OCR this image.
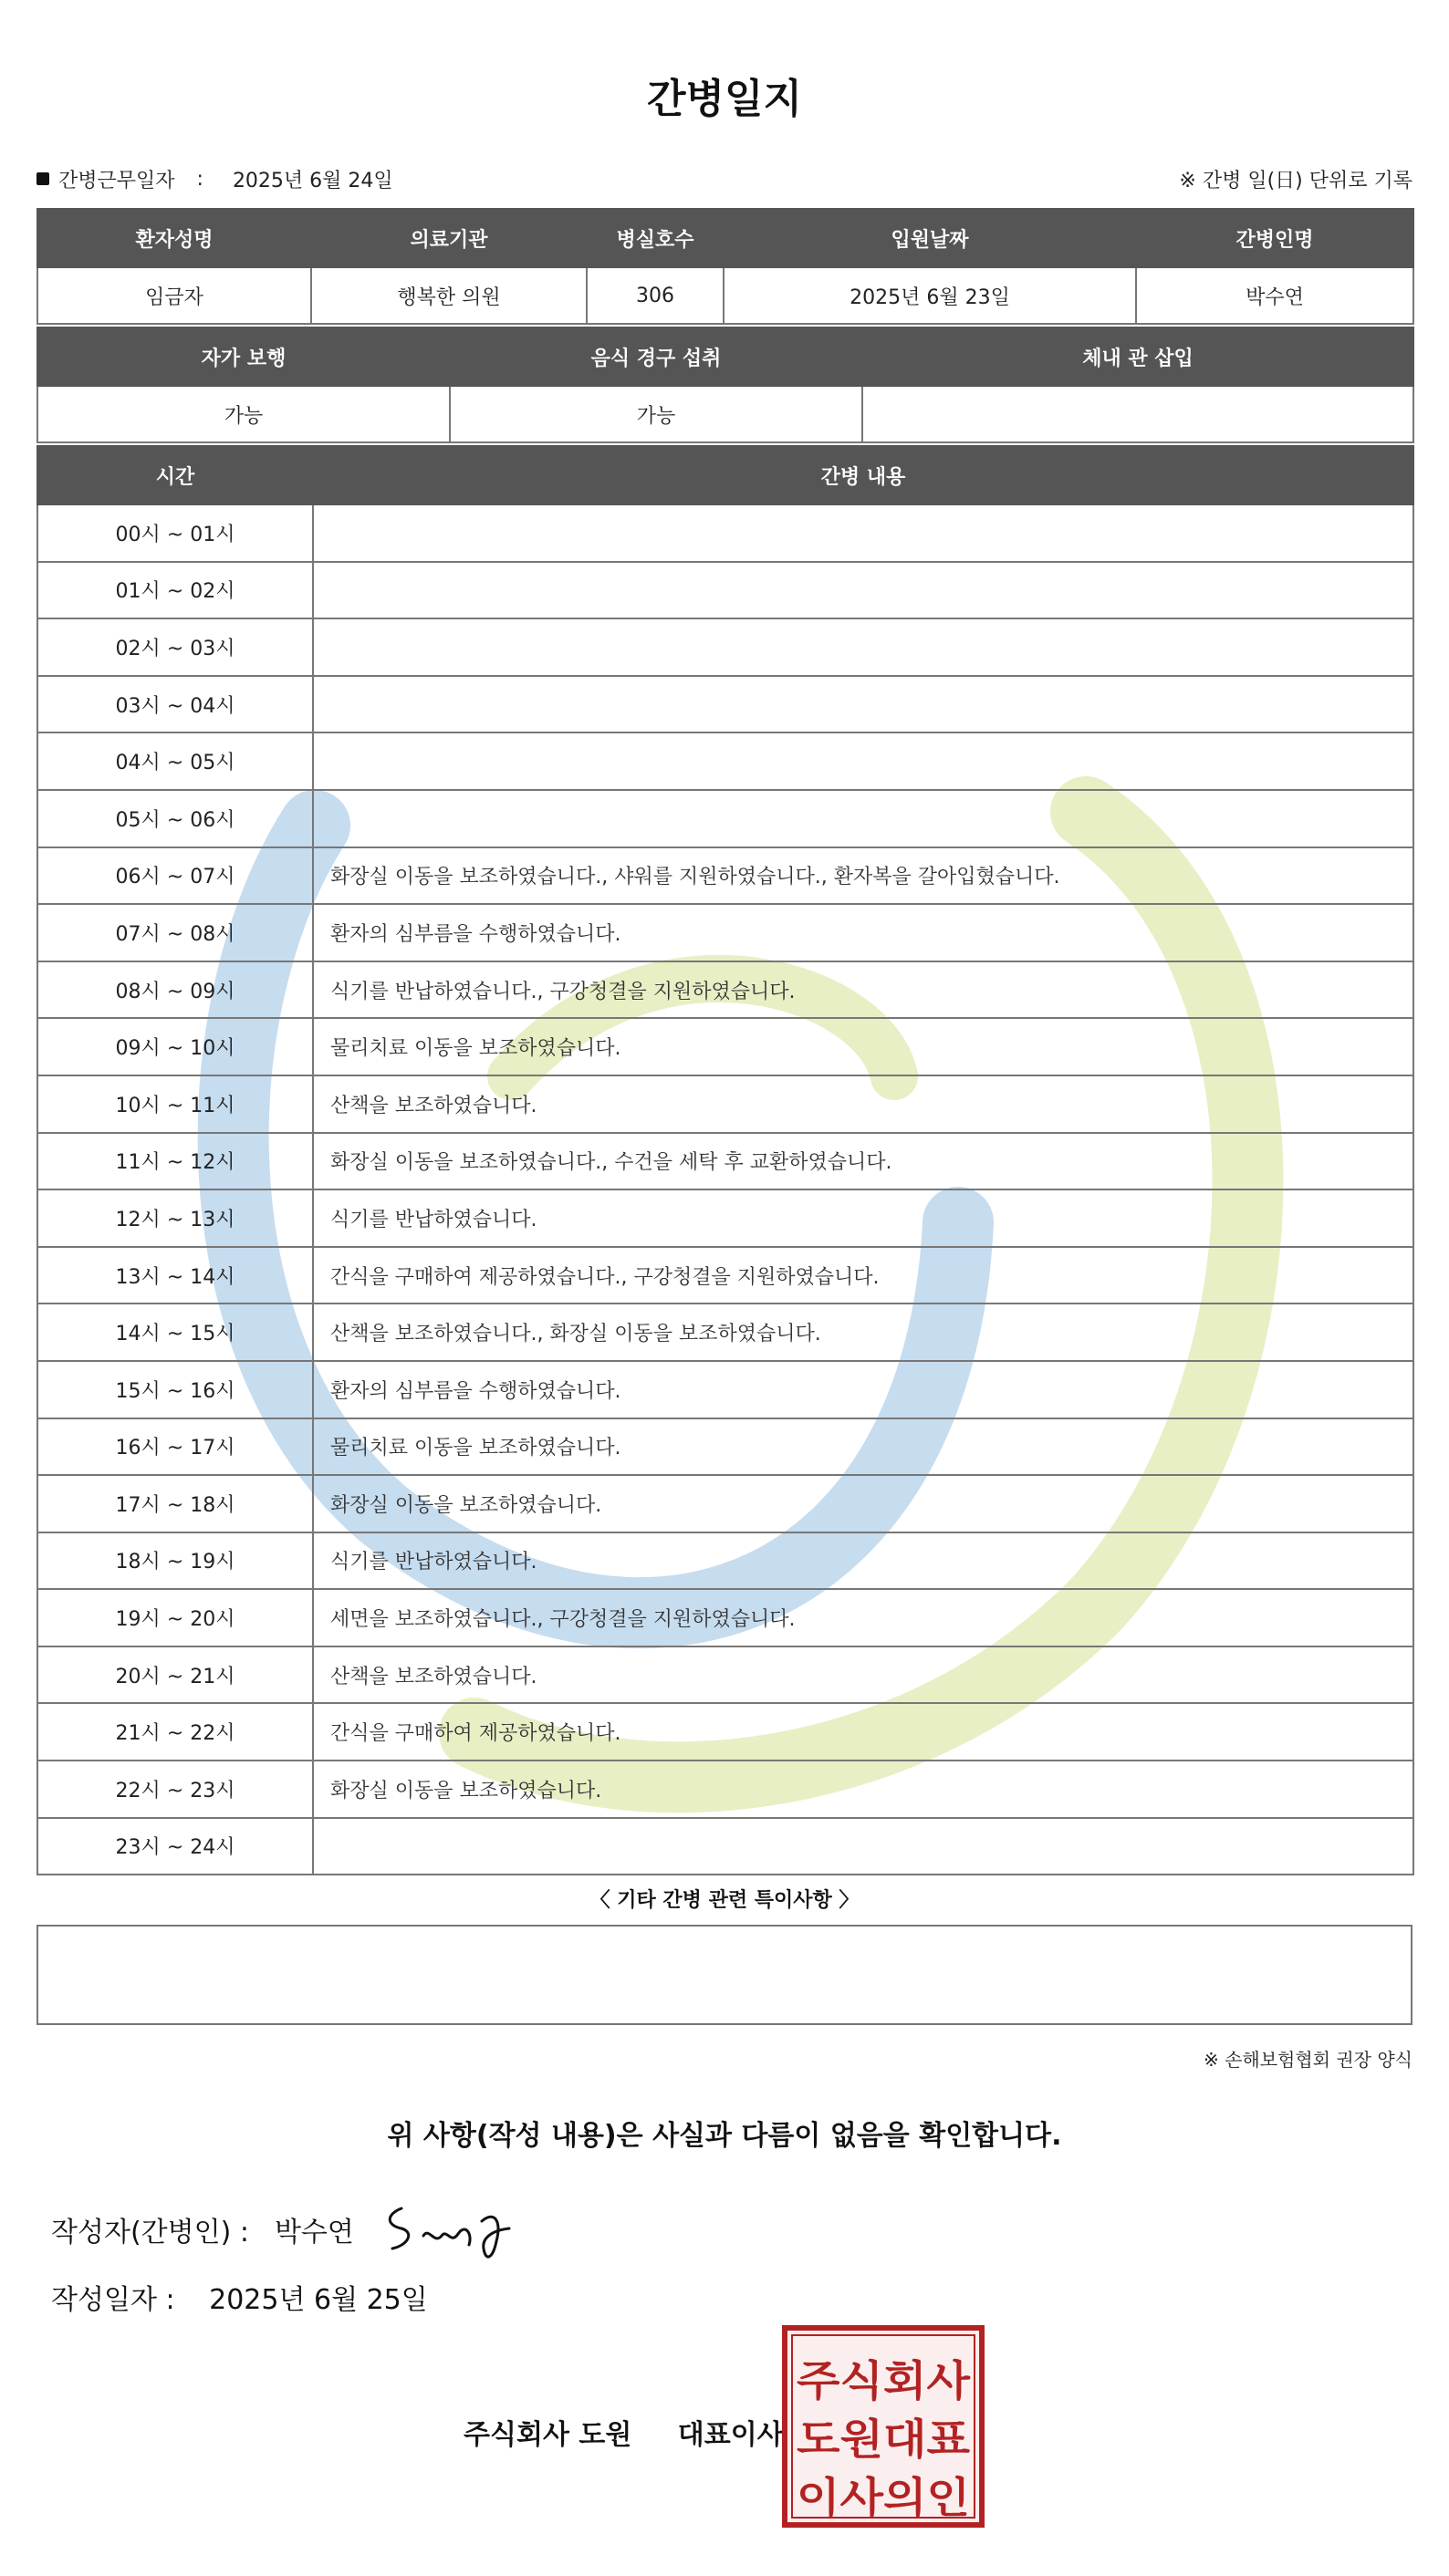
간병일지
간병근무일자 : 2025년 6월 24일	※ 간병 일(日) 단위로 기록
환자성명	의료기관	병실호수	입원날짜	간병인명
임금자	행복한 의원	306	2025년 6월 23일	박수연
자가 보행	음식 경구 섭취	체내 관 삽입
가능	가능	
시간	간병 내용
00시 ~ 01시	
01시 ~ 02시	
02시 ~ 03시	
03시 ~ 04시	
04시 ~ 05시	
05시 ~ 06시	
06시 ~ 07시	화장실 이동을 보조하였습니다., 샤워를 지원하였습니다., 환자복을 갈아입혔습니다.
07시 ~ 08시	환자의 심부름을 수행하였습니다.
08시 ~ 09시	식기를 반납하였습니다., 구강청결을 지원하였습니다.
09시 ~ 10시	물리치료 이동을 보조하였습니다.
10시 ~ 11시	산책을 보조하였습니다.
11시 ~ 12시	화장실 이동을 보조하였습니다., 수건을 세탁 후 교환하였습니다.
12시 ~ 13시	식기를 반납하였습니다.
13시 ~ 14시	간식을 구매하여 제공하였습니다., 구강청결을 지원하였습니다.
14시 ~ 15시	산책을 보조하였습니다., 화장실 이동을 보조하였습니다.
15시 ~ 16시	환자의 심부름을 수행하였습니다.
16시 ~ 17시	물리치료 이동을 보조하였습니다.
17시 ~ 18시	화장실 이동을 보조하였습니다.
18시 ~ 19시	식기를 반납하였습니다.
19시 ~ 20시	세면을 보조하였습니다., 구강청결을 지원하였습니다.
20시 ~ 21시	산책을 보조하였습니다.
21시 ~ 22시	간식을 구매하여 제공하였습니다.
22시 ~ 23시	화장실 이동을 보조하였습니다.
23시 ~ 24시	
〈 기타 간병 관련 특이사항 〉
※ 손해보험협회 권장 양식
위 사항(작성 내용)은 사실과 다름이 없음을 확인합니다.
작성자(간병인) : 박수연
작성일자 : 2025년 6월 25일
주식회사 도원 대표이사
주식회사
도원대표
이사의인
